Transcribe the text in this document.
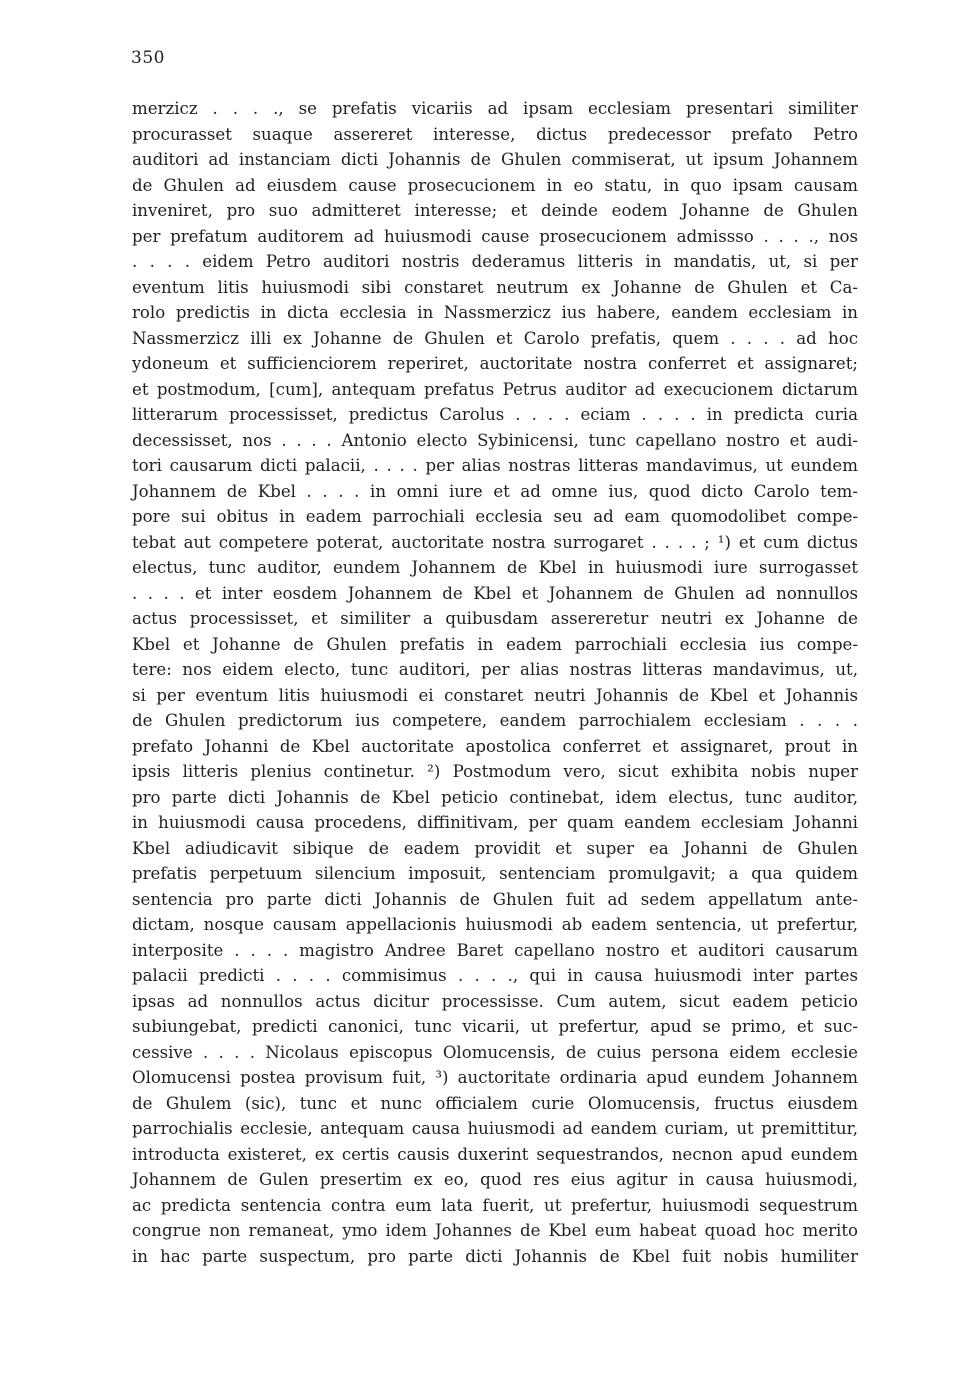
350
merzicz . . . ., se prefatis vicariis ad ipsam ecclesiam presentari similiter
procurasset suaque assereret interesse, dictus predecessor prefato Petro
auditori ad instanciam dicti Johannis de Ghulen commiserat, ut ipsum Johannem
de Ghulen ad eiusdem cause prosecucionem in eo statu, in quo ipsam causam
inveniret, pro suo admitteret interesse; et deinde eodem Johanne de Ghulen
per prefatum auditorem ad huiusmodi cause prosecucionem admissso . . . ., nos
. . . . eidem Petro auditori nostris dederamus litteris in mandatis, ut, si per
eventum litis huiusmodi sibi constaret neutrum ex Johanne de Ghulen et Ca-
rolo predictis in dicta ecclesia in Nassmerzicz ius habere, eandem ecclesiam in
Nassmerzicz illi ex Johanne de Ghulen et Carolo prefatis, quem . . . . ad hoc
ydoneum et sufficienciorem reperiret, auctoritate nostra conferret et assignaret;
et postmodum, [cum], antequam prefatus Petrus auditor ad execucionem dictarum
litterarum processisset, predictus Carolus . . . . eciam . . . . in predicta curia
decessisset, nos . . . . Antonio electo Sybinicensi, tunc capellano nostro et audi-
tori causarum dicti palacii, . . . . per alias nostras litteras mandavimus, ut eundem
Johannem de Kbel . . . . in omni iure et ad omne ius, quod dicto Carolo tem-
pore sui obitus in eadem parrochiali ecclesia seu ad eam quomodolibet compe-
tebat aut competere poterat, auctoritate nostra surrogaret . . . . ; ¹) et cum dictus
electus, tunc auditor, eundem Johannem de Kbel in huiusmodi iure surrogasset
. . . . et inter eosdem Johannem de Kbel et Johannem de Ghulen ad nonnullos
actus processisset, et similiter a quibusdam assereretur neutri ex Johanne de
Kbel et Johanne de Ghulen prefatis in eadem parrochiali ecclesia ius compe-
tere: nos eidem electo, tunc auditori, per alias nostras litteras mandavimus, ut,
si per eventum litis huiusmodi ei constaret neutri Johannis de Kbel et Johannis
de Ghulen predictorum ius competere, eandem parrochialem ecclesiam . . . .
prefato Johanni de Kbel auctoritate apostolica conferret et assignaret, prout in
ipsis litteris plenius continetur. ²) Postmodum vero, sicut exhibita nobis nuper
pro parte dicti Johannis de Kbel peticio continebat, idem electus, tunc auditor,
in huiusmodi causa procedens, diffinitivam, per quam eandem ecclesiam Johanni
Kbel adiudicavit sibique de eadem providit et super ea Johanni de Ghulen
prefatis perpetuum silencium imposuit, sentenciam promulgavit; a qua quidem
sentencia pro parte dicti Johannis de Ghulen fuit ad sedem appellatum ante-
dictam, nosque causam appellacionis huiusmodi ab eadem sentencia, ut prefertur,
interposite . . . . magistro Andree Baret capellano nostro et auditori causarum
palacii predicti . . . . commisimus . . . ., qui in causa huiusmodi inter partes
ipsas ad nonnullos actus dicitur processisse. Cum autem, sicut eadem peticio
subiungebat, predicti canonici, tunc vicarii, ut prefertur, apud se primo, et suc-
cessive . . . . Nicolaus episcopus Olomucensis, de cuius persona eidem ecclesie
Olomucensi postea provisum fuit, ³) auctoritate ordinaria apud eundem Johannem
de Ghulem (sic), tunc et nunc officialem curie Olomucensis, fructus eiusdem
parrochialis ecclesie, antequam causa huiusmodi ad eandem curiam, ut premittitur,
introducta existeret, ex certis causis duxerint sequestrandos, necnon apud eundem
Johannem de Gulen presertim ex eo, quod res eius agitur in causa huiusmodi,
ac predicta sentencia contra eum lata fuerit, ut prefertur, huiusmodi sequestrum
congrue non remaneat, ymo idem Johannes de Kbel eum habeat quoad hoc merito
in hac parte suspectum, pro parte dicti Johannis de Kbel fuit nobis humiliter
